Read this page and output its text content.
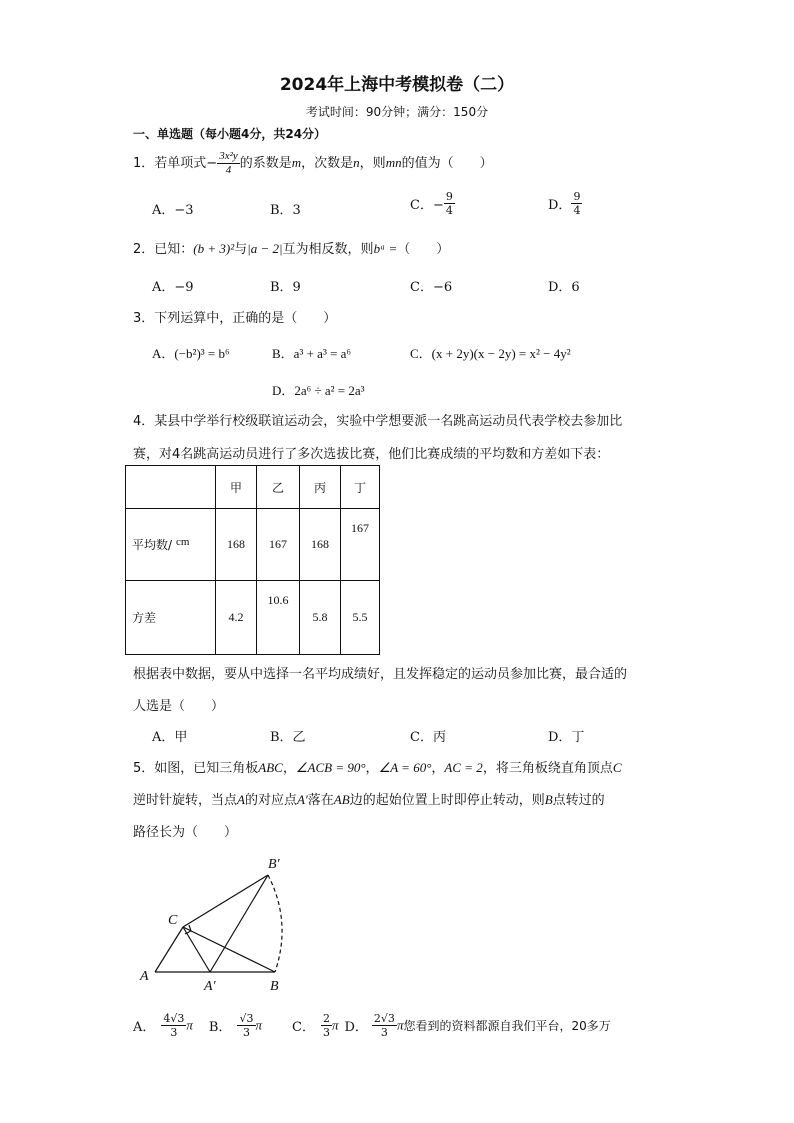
2024年上海中考模拟卷（二）
考试时间：90分钟；满分：150分
一、单选题（每小题4分，共24分）
1．若单项式− $\frac{\text{3x²y}}{4}$ 的系数是m，次数是n，则mn的值为（　　）
A．−3	B．3	C．− $\frac{9}{4}$	D． $\frac{9}{4}$
2．已知：(b + 3)²与|a − 2|互为相反数，则bᵃ =（　　）
A．−9	B．9	C．−6	D．6
3．下列运算中，正确的是（　　）
A．(−b²)³ = b⁶	B．a³ + a³ = a⁶	C．(x + 2y)(x − 2y) = x² − 4y²
D．2a⁶ ÷ a² = 2a³
4．某县中学举行校级联谊运动会，实验中学想要派一名跳高运动员代表学校去参加比
赛，对4名跳高运动员进行了多次选拔比赛，他们比赛成绩的平均数和方差如下表：
	甲	乙	丙	丁
平均数/ cm	168	167	168	167
方差	4.2	10.6	5.8	5.5
根据表中数据，要从中选择一名平均成绩好，且发挥稳定的运动员参加比赛，最合适的
人选是（　　）
A．甲	B．乙	C．丙	D．丁
5．如图，已知三角板ABC，∠ACB = 90°，∠A = 60°，AC = 2，将三角板绕直角顶点C
逆时针旋转，当点A的对应点A′落在AB边的起始位置上时即停止转动，则B点转过的
路径长为（　　）
B′
C
A
A′	B
A． $\frac{4√3}{3}$ π B． $\frac{√3}{3}$ π C． $\frac{2}{3}$ π D． $\frac{2√3}{3}$ π您看到的资料都源自我们平台，20多万
